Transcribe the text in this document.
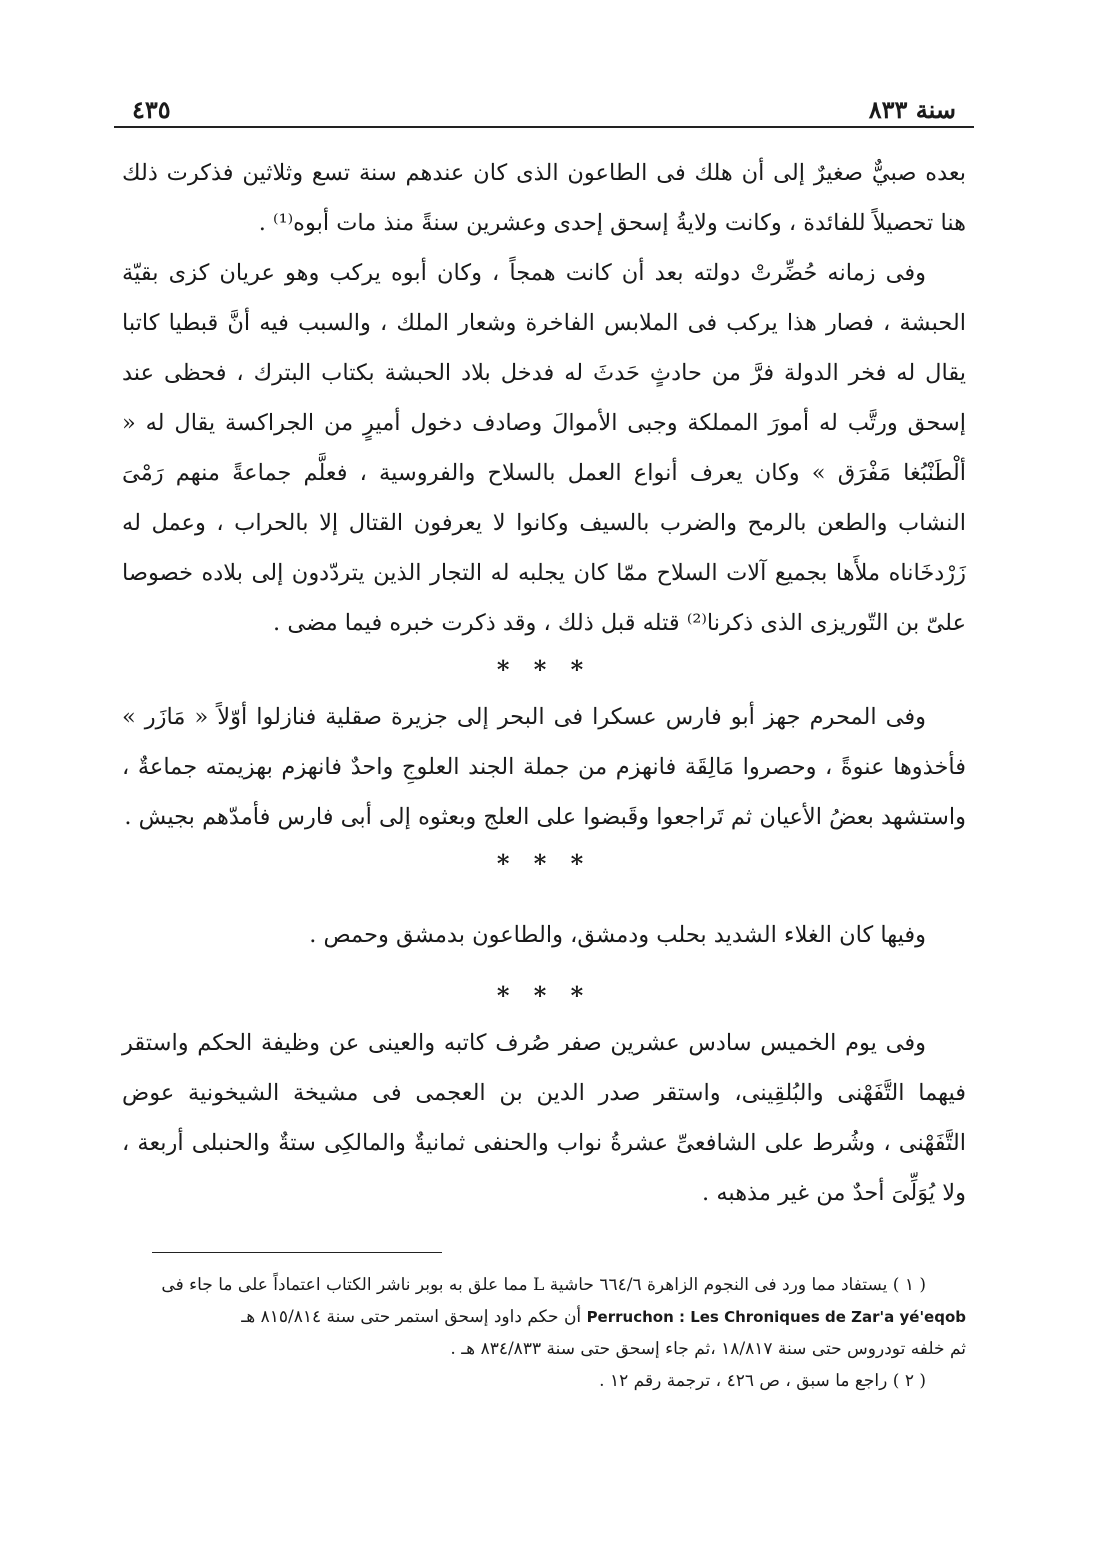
سنة ٨٣٣
٤٣٥

بعده صبيٌّ صغيرٌ إلى أن هلك فى الطاعون الذى كان عندهم سنة تسع وثلاثين فذكرت ذلك هنا تحصيلاً للفائدة ، وكانت ولايةُ إسحق إحدى وعشرين سنةً منذ مات أبوه⁽¹⁾ .

وفى زمانه حُضِّرتْ دولته بعد أن كانت همجاً ، وكان أبوه يركب وهو عريان كزى بقيّة الحبشة ، فصار هذا يركب فى الملابس الفاخرة وشعار الملك ، والسبب فيه أنَّ قبطيا كاتبا يقال له فخر الدولة فرَّ من حادثٍ حَدثَ له فدخل بلاد الحبشة بكتاب البترك ، فحظى عند إسحق ورتَّب له أمورَ المملكة وجبى الأموالَ وصادف دخول أميرٍ من الجراكسة يقال له « ألْطَنْبُغا مَفْرَق » وكان يعرف أنواع العمل بالسلاح والفروسية ، فعلَّم جماعةً منهم رَمْىَ النشاب والطعن بالرمح والضرب بالسيف وكانوا لا يعرفون القتال إلا بالحراب ، وعمل له زَرْدخَاناه ملأَها بجميع آلات السلاح ممّا كان يجلبه له التجار الذين يتردّدون إلى بلاده خصوصا علىّ بن التّوريزى الذى ذكرنا⁽²⁾ قتله قبل ذلك ، وقد ذكرت خبره فيما مضى .

* * *

وفى المحرم جهز أبو فارس عسكرا فى البحر إلى جزيرة صقلية فنازلوا أوّلاً « مَازَر » فأخذوها عنوةً ، وحصروا مَالِقَة فانهزم من جملة الجند العلوجِ واحدٌ فانهزم بهزيمته جماعةٌ ، واستشهد بعضُ الأعيان ثم تَراجعوا وقَبضوا على العلج وبعثوه إلى أبى فارس فأمدّهم بجيش .

* * *

وفيها كان الغلاء الشديد بحلب ودمشق، والطاعون بدمشق وحمص .

* * *

وفى يوم الخميس سادس عشرين صفر صُرف كاتبه والعينى عن وظيفة الحكم واستقر فيهما التَّفَهْنى والبُلقِينى، واستقر صدر الدين بن العجمى فى مشيخة الشيخونية عوض التَّفَهْنى ، وشُرط على الشافعىِّ عشرةُ نواب والحنفى ثمانيةٌ والمالكِى ستةٌ والحنبلى أربعة ، ولا يُوَلِّىَ أحدٌ من غير مذهبه .

( ١ ) يستفاد مما ورد فى النجوم الزاهرة ٦٦٤/٦ حاشية L مما علق به بوبر ناشر الكتاب اعتماداً على ما جاء فى

Perruchon : Les Chroniques de Zar'a yé'eqob أن حكم داود إسحق استمر حتى سنة ٨١٥/٨١٤ هـ

ثم خلفه تودروس حتى سنة ١٨/٨١٧ ،ثم جاء إسحق حتى سنة ٨٣٤/٨٣٣ هـ .

( ٢ ) راجع ما سبق ، ص ٤٢٦ ، ترجمة رقم ١٢ .
